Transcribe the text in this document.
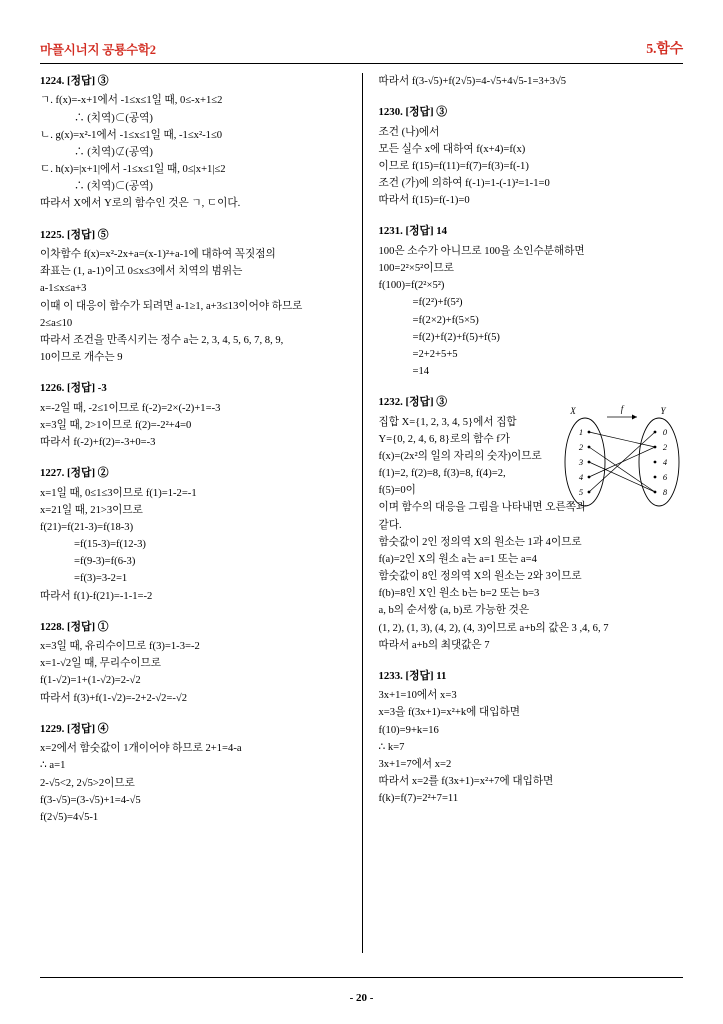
마플시너지 공룡수학2	5.함수
1224. [정답] ③
ㄱ. f(x)=-x+1에서 -1≤x≤1일 때, 0≤-x+1≤2
∴ (치역)⊂(공역)
ㄴ. g(x)=x²-1에서 -1≤x≤1일 때, -1≤x²-1≤0
∴ (치역)⊄(공역)
ㄷ. h(x)=|x+1|에서 -1≤x≤1일 때, 0≤|x+1|≤2
∴ (치역)⊂(공역)
따라서 X에서 Y로의 함수인 것은 ㄱ, ㄷ이다.
1225. [정답] ⑤
이차함수 f(x)=x²-2x+a=(x-1)²+a-1에 대하여 꼭짓점의
좌표는 (1, a-1)이고 0≤x≤3에서 치역의 범위는
a-1≤x≤a+3
이때 이 대응이 함수가 되려면 a-1≥1, a+3≤13이어야 하므로
2≤a≤10
따라서 조건을 만족시키는 정수 a는 2, 3, 4, 5, 6, 7, 8, 9,
10이므로 개수는 9
1226. [정답] -3
x=-2일 때, -2≤1이므로 f(-2)=2×(-2)+1=-3
x=3일 때, 2>1이므로 f(2)=-2²+4=0
따라서 f(-2)+f(2)=-3+0=-3
1227. [정답] ②
x=1일 때, 0≤1≤3이므로 f(1)=1-2=-1
x=21일 때, 21>3이므로
f(21)=f(21-3)=f(18-3)
=f(15-3)=f(12-3)
=f(9-3)=f(6-3)
=f(3)=3-2=1
따라서 f(1)-f(21)=-1-1=-2
1228. [정답] ①
x=3일 때, 유리수이므로 f(3)=1-3=-2
x=1-√2일 때, 무리수이므로
f(1-√2)=1+(1-√2)=2-√2
따라서 f(3)+f(1-√2)=-2+2-√2=-√2
1229. [정답] ④
x=2에서 함숫값이 1개이어야 하므로 2+1=4-a
∴ a=1
2-√5<2, 2√5>2이므로
f(3-√5)=(3-√5)+1=4-√5
f(2√5)=4√5-1
따라서 f(3-√5)+f(2√5)=4-√5+4√5-1=3+3√5
1230. [정답] ③
조건 (나)에서
모든 실수 x에 대하여 f(x+4)=f(x)
이므로 f(15)=f(11)=f(7)=f(3)=f(-1)
조건 (가)에 의하여 f(-1)=1-(-1)²=1-1=0
따라서 f(15)=f(-1)=0
1231. [정답] 14
100은 소수가 아니므로 100을 소인수분해하면
100=2²×5²이므로
f(100)=f(2²×5²)
=f(2²)+f(5²)
=f(2×2)+f(5×5)
=f(2)+f(2)+f(5)+f(5)
=2+2+5+5
=14
1232. [정답] ③
집합 X={1, 2, 3, 4, 5}에서 집합
Y={0, 2, 4, 6, 8}로의 함수 f가
f(x)=(2x²의 일의 자리의 숫자)이므로
f(1)=2, f(2)=8, f(3)=8, f(4)=2,
f(5)=0이
이며 함수의 대응을 그림을 나타내면 오른쪽과
같다.
함숫값이 2인 정의역 X의 원소는 1과 4이므로
f(a)=2인 X의 원소 a는 a=1 또는 a=4
함숫값이 8인 정의역 X의 원소는 2와 3이므로
f(b)=8인 X인 원소 b는 b=2 또는 b=3
a, b의 순서쌍 (a, b)로 가능한 것은
(1, 2), (1, 3), (4, 2), (4, 3)이므로 a+b의 값은 3 ,4, 6, 7
따라서 a+b의 최댓값은 7
X	Y
f
1
2
3
4
5
0
2
4
6
8
1233. [정답] 11
3x+1=10에서 x=3
x=3을 f(3x+1)=x²+k에 대입하면
f(10)=9+k=16
∴ k=7
3x+1=7에서 x=2
따라서 x=2를 f(3x+1)=x²+7에 대입하면
f(k)=f(7)=2²+7=11
- 20 -
